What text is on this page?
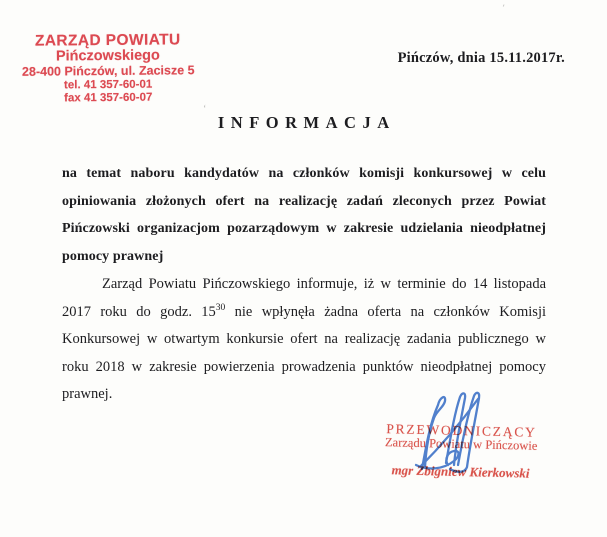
ZARZĄD POWIATU
Pińczowskiego
28-400 Pińczów, ul. Zacisze 5
tel. 41 357-60-01
fax 41 357-60-07
Pińczów, dnia 15.11.2017r.
INFORMACJA

na temat naboru kandydatów na członków komisji konkursowej w celu opiniowania złożonych ofert na realizację zadań zleconych przez Powiat Pińczowski organizacjom pozarządowym w zakresie udzielania nieodpłatnej pomocy prawnej

Zarząd Powiatu Pińczowskiego informuje, iż w terminie do 14 listopada 2017 roku do godz. $15^{30}$ nie wpłynęła żadna oferta na członków Komisji Konkursowej w otwartym konkursie ofert na realizację zadania publicznego w roku 2018 w zakresie powierzenia prowadzenia punktów nieodpłatnej pomocy prawnej.

PRZEWODNICZĄCY
Zarządu Powiatu w Pińczowie
mgr Zbigniew Kierkowski
ʹ
ʻ
